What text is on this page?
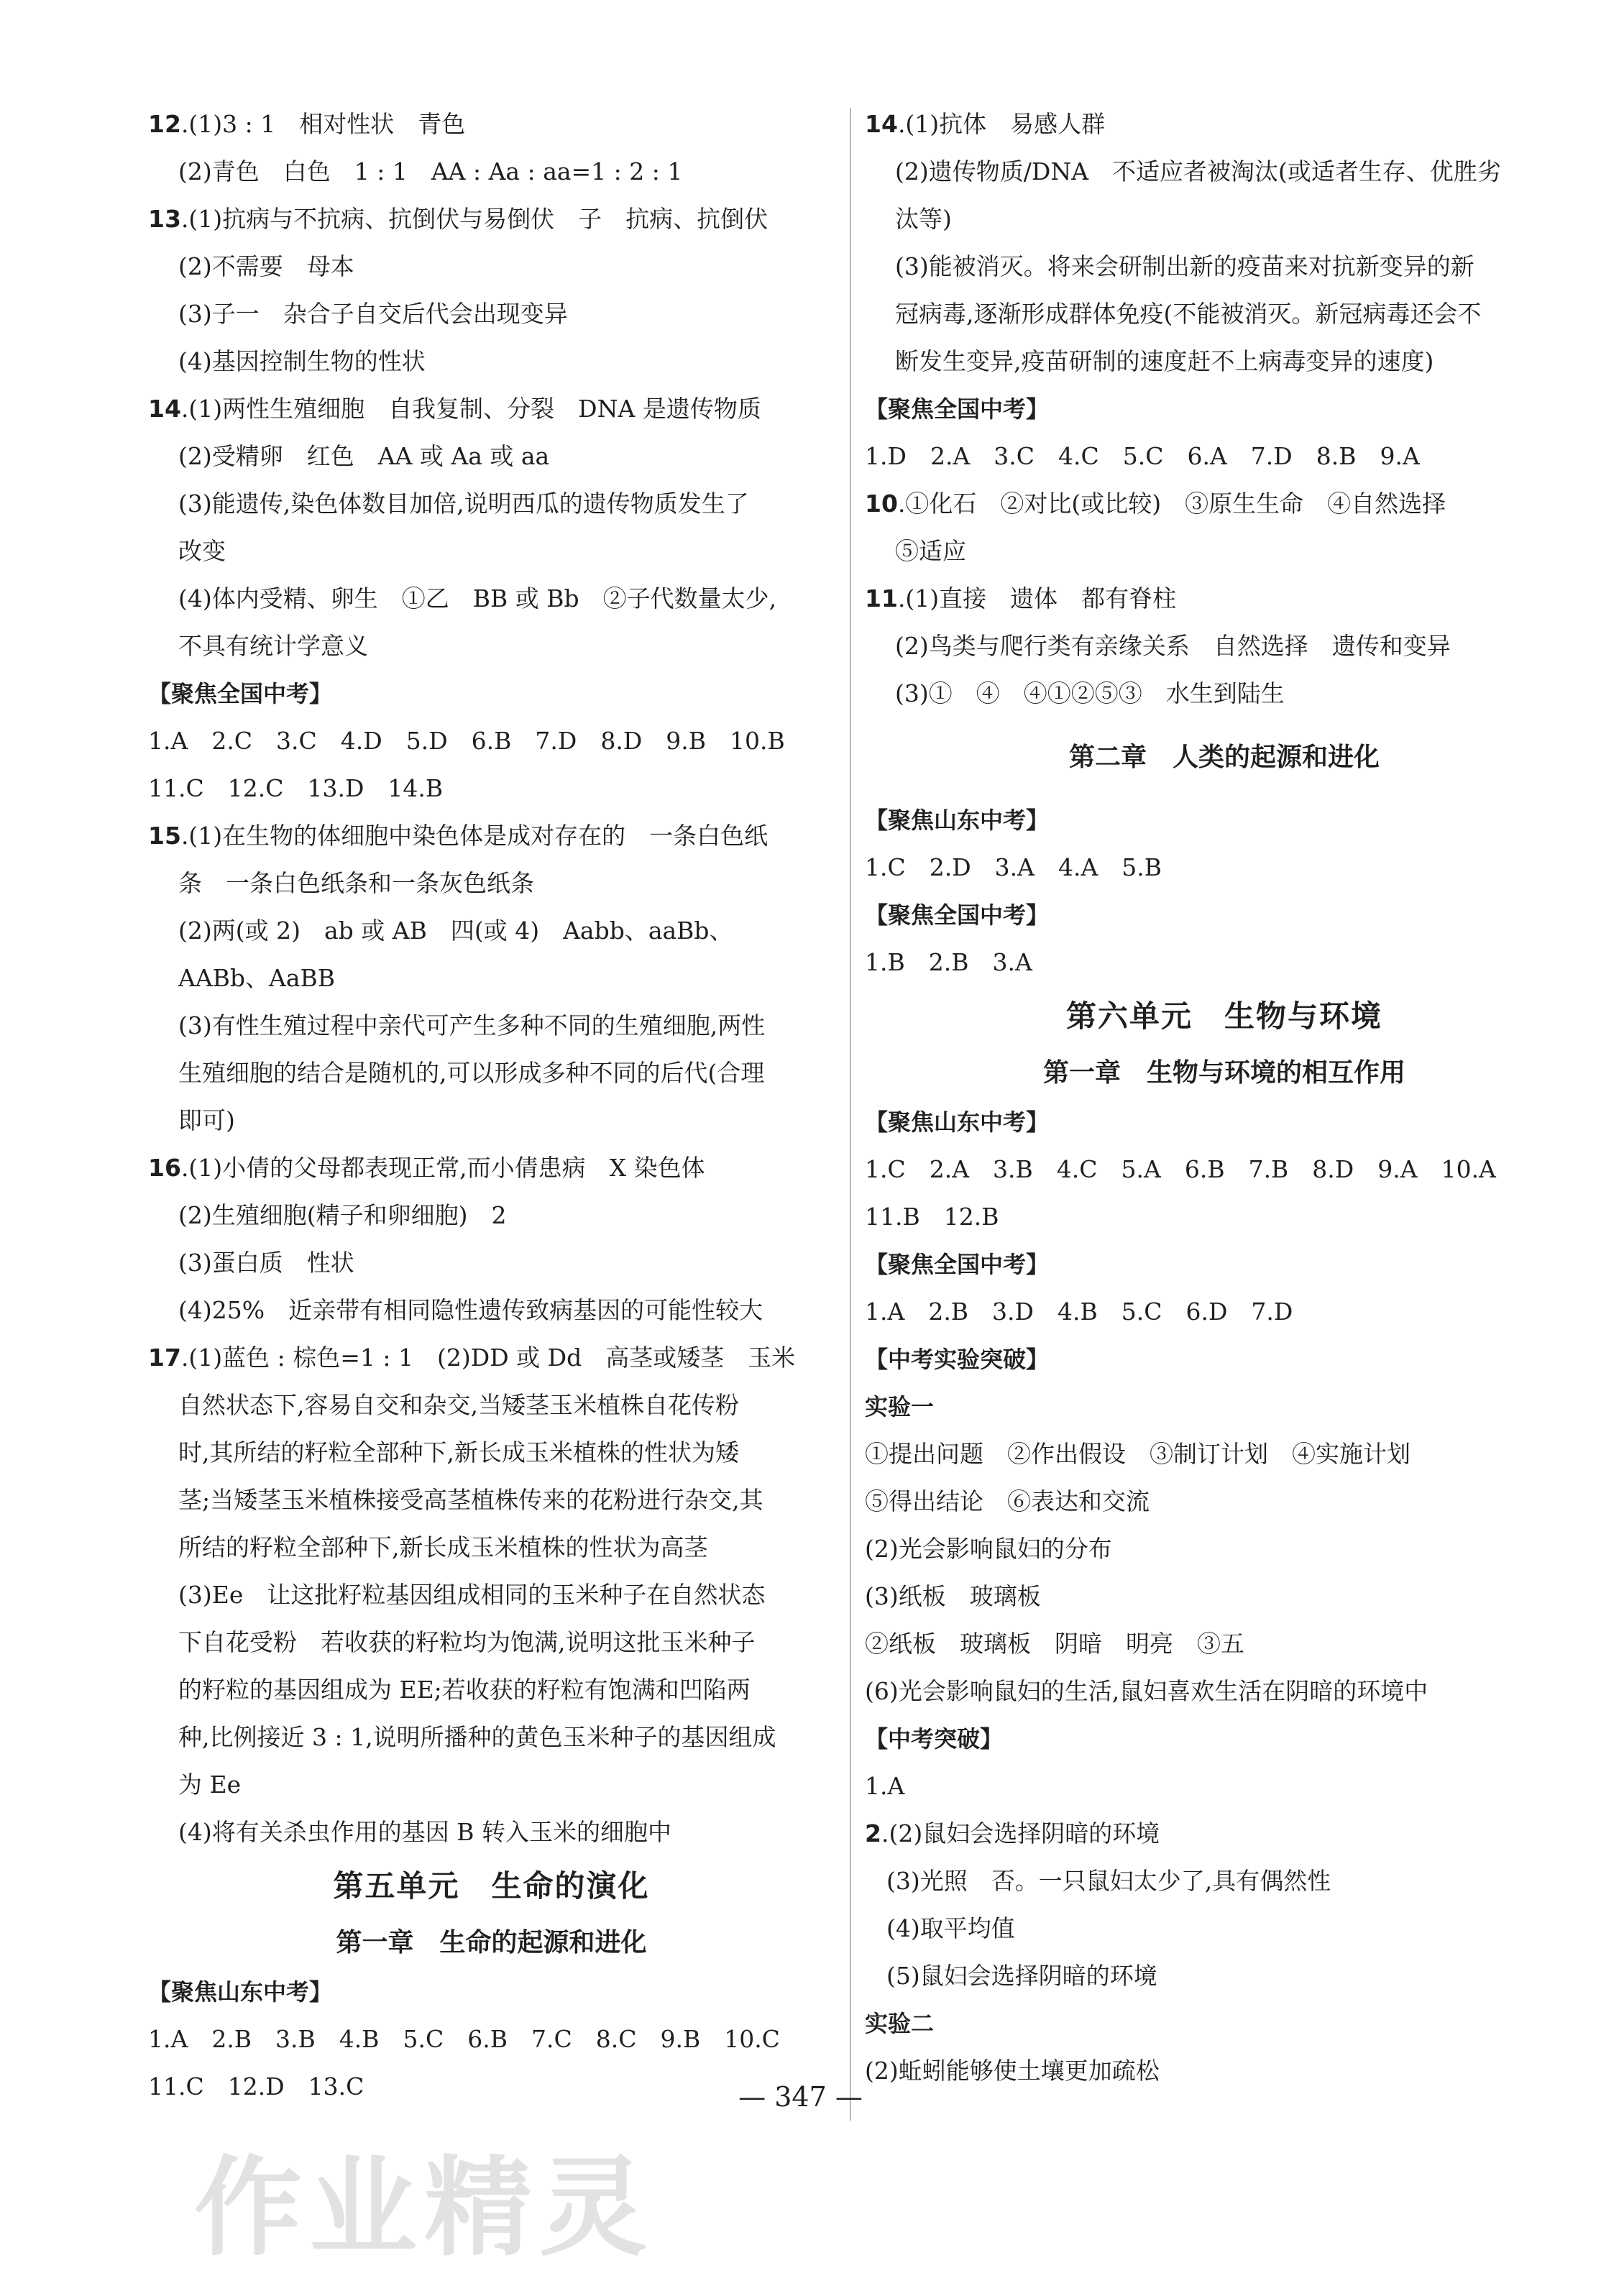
12.(1)3 : 1　相对性状　青色
(2)青色　白色　1 : 1　AA : Aa : aa=1 : 2 : 1
13.(1)抗病与不抗病、抗倒伏与易倒伏　子　抗病、抗倒伏
(2)不需要　母本
(3)子一　杂合子自交后代会出现变异
(4)基因控制生物的性状
14.(1)两性生殖细胞　自我复制、分裂　DNA 是遗传物质
(2)受精卵　红色　AA 或 Aa 或 aa
(3)能遗传,染色体数目加倍,说明西瓜的遗传物质发生了
改变
(4)体内受精、卵生　①乙　BB 或 Bb　②子代数量太少,
不具有统计学意义
【聚焦全国中考】
1.A　2.C　3.C　4.D　5.D　6.B　7.D　8.D　9.B　10.B
11.C　12.C　13.D　14.B
15.(1)在生物的体细胞中染色体是成对存在的　一条白色纸
条　一条白色纸条和一条灰色纸条
(2)两(或 2)　ab 或 AB　四(或 4)　Aabb、aaBb、
AABb、AaBB
(3)有性生殖过程中亲代可产生多种不同的生殖细胞,两性
生殖细胞的结合是随机的,可以形成多种不同的后代(合理
即可)
16.(1)小倩的父母都表现正常,而小倩患病　X 染色体
(2)生殖细胞(精子和卵细胞)　2
(3)蛋白质　性状
(4)25%　近亲带有相同隐性遗传致病基因的可能性较大
17.(1)蓝色 : 棕色=1 : 1　(2)DD 或 Dd　高茎或矮茎　玉米
自然状态下,容易自交和杂交,当矮茎玉米植株自花传粉
时,其所结的籽粒全部种下,新长成玉米植株的性状为矮
茎;当矮茎玉米植株接受高茎植株传来的花粉进行杂交,其
所结的籽粒全部种下,新长成玉米植株的性状为高茎
(3)Ee　让这批籽粒基因组成相同的玉米种子在自然状态
下自花受粉　若收获的籽粒均为饱满,说明这批玉米种子
的籽粒的基因组成为 EE;若收获的籽粒有饱满和凹陷两
种,比例接近 3 : 1,说明所播种的黄色玉米种子的基因组成
为 Ee
(4)将有关杀虫作用的基因 B 转入玉米的细胞中
第五单元　生命的演化
第一章　生命的起源和进化
【聚焦山东中考】
1.A　2.B　3.B　4.B　5.C　6.B　7.C　8.C　9.B　10.C
11.C　12.D　13.C
14.(1)抗体　易感人群
(2)遗传物质/DNA　不适应者被淘汰(或适者生存、优胜劣
汰等)
(3)能被消灭。将来会研制出新的疫苗来对抗新变异的新
冠病毒,逐渐形成群体免疫(不能被消灭。新冠病毒还会不
断发生变异,疫苗研制的速度赶不上病毒变异的速度)
【聚焦全国中考】
1.D　2.A　3.C　4.C　5.C　6.A　7.D　8.B　9.A
10.①化石　②对比(或比较)　③原生生命　④自然选择
⑤适应
11.(1)直接　遗体　都有脊柱
(2)鸟类与爬行类有亲缘关系　自然选择　遗传和变异
(3)①　④　④①②⑤③　水生到陆生
第二章　人类的起源和进化
【聚焦山东中考】
1.C　2.D　3.A　4.A　5.B
【聚焦全国中考】
1.B　2.B　3.A
第六单元　生物与环境
第一章　生物与环境的相互作用
【聚焦山东中考】
1.C　2.A　3.B　4.C　5.A　6.B　7.B　8.D　9.A　10.A
11.B　12.B
【聚焦全国中考】
1.A　2.B　3.D　4.B　5.C　6.D　7.D
【中考实验突破】
实验一
①提出问题　②作出假设　③制订计划　④实施计划
⑤得出结论　⑥表达和交流
(2)光会影响鼠妇的分布
(3)纸板　玻璃板
②纸板　玻璃板　阴暗　明亮　③五
(6)光会影响鼠妇的生活,鼠妇喜欢生活在阴暗的环境中
【中考突破】
1.A
2.(2)鼠妇会选择阴暗的环境
(3)光照　否。一只鼠妇太少了,具有偶然性
(4)取平均值
(5)鼠妇会选择阴暗的环境
实验二
(2)蚯蚓能够使土壤更加疏松
— 347 —
作业精灵
